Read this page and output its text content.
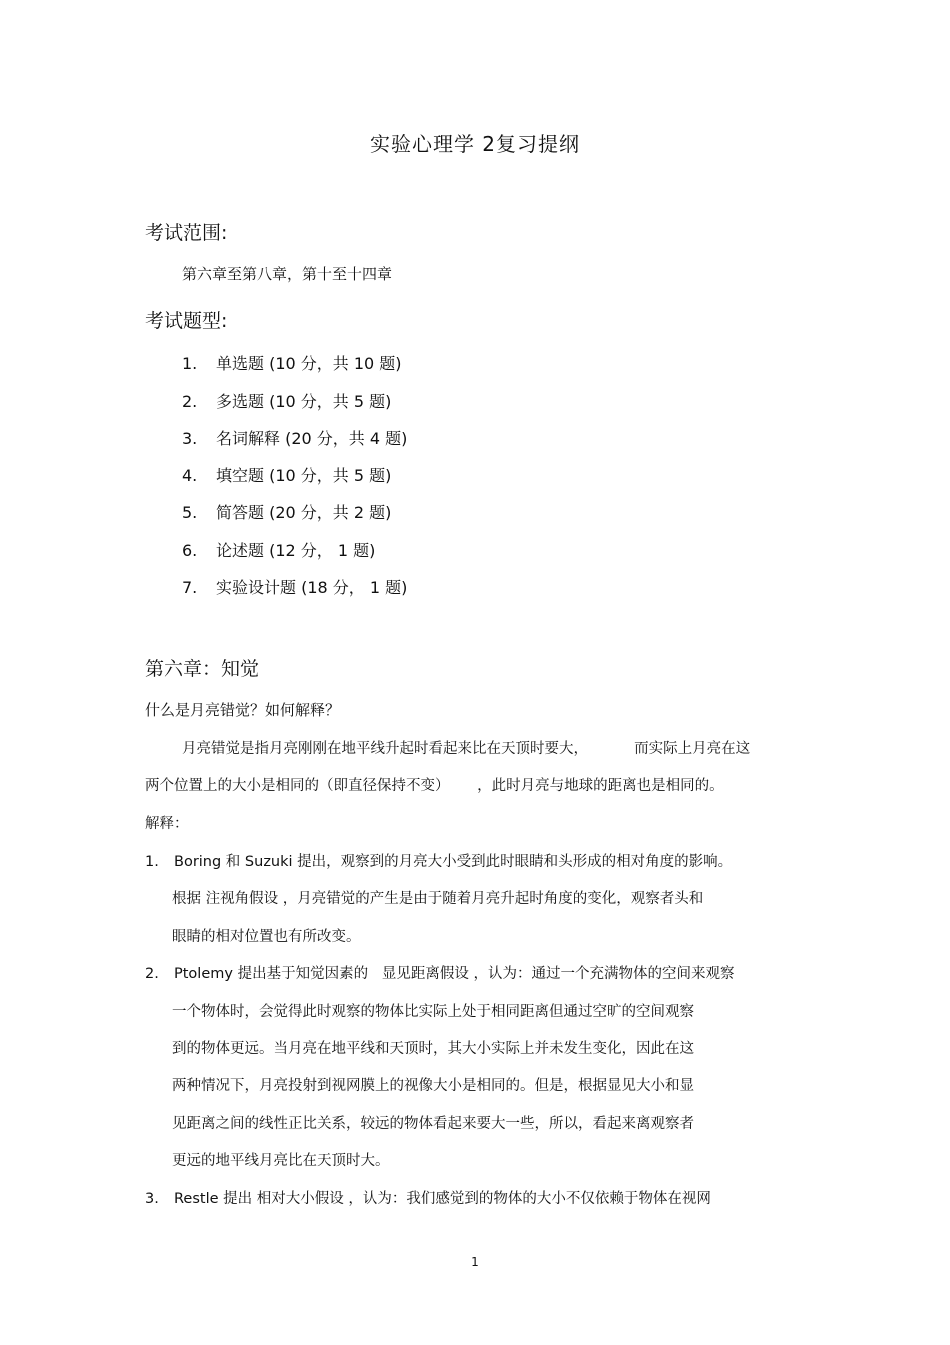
实验心理学 2复习提纲
考试范围:
第六章至第八章，第十至十四章
考试题型:
1. 单选题 (10 分，共 10 题)
2. 多选题 (10 分，共 5 题)
3. 名词解释 (20 分，共 4 题)
4. 填空题 (10 分，共 5 题)
5. 简答题 (20 分，共 2 题)
6. 论述题 (12 分， 1 题)
7. 实验设计题 (18 分， 1 题)
第六章：知觉
什么是月亮错觉？如何解释？
月亮错觉是指月亮刚刚在地平线升起时看起来比在天顶时要大，          而实际上月亮在这
两个位置上的大小是相同的（即直径保持不变）      ，此时月亮与地球的距离也是相同的。
解释：
1. Boring 和 Suzuki 提出，观察到的月亮大小受到此时眼睛和头形成的相对角度的影响。
根据 注视角假设 ，月亮错觉的产生是由于随着月亮升起时角度的变化，观察者头和
眼睛的相对位置也有所改变。
2. Ptolemy 提出基于知觉因素的   显见距离假设 ，认为：通过一个充满物体的空间来观察
一个物体时，会觉得此时观察的物体比实际上处于相同距离但通过空旷的空间观察
到的物体更远。当月亮在地平线和天顶时，其大小实际上并未发生变化，因此在这
两种情况下，月亮投射到视网膜上的视像大小是相同的。但是，根据显见大小和显
见距离之间的线性正比关系，较远的物体看起来要大一些，所以，看起来离观察者
更远的地平线月亮比在天顶时大。
3. Restle 提出 相对大小假设 ，认为：我们感觉到的物体的大小不仅依赖于物体在视网
1
